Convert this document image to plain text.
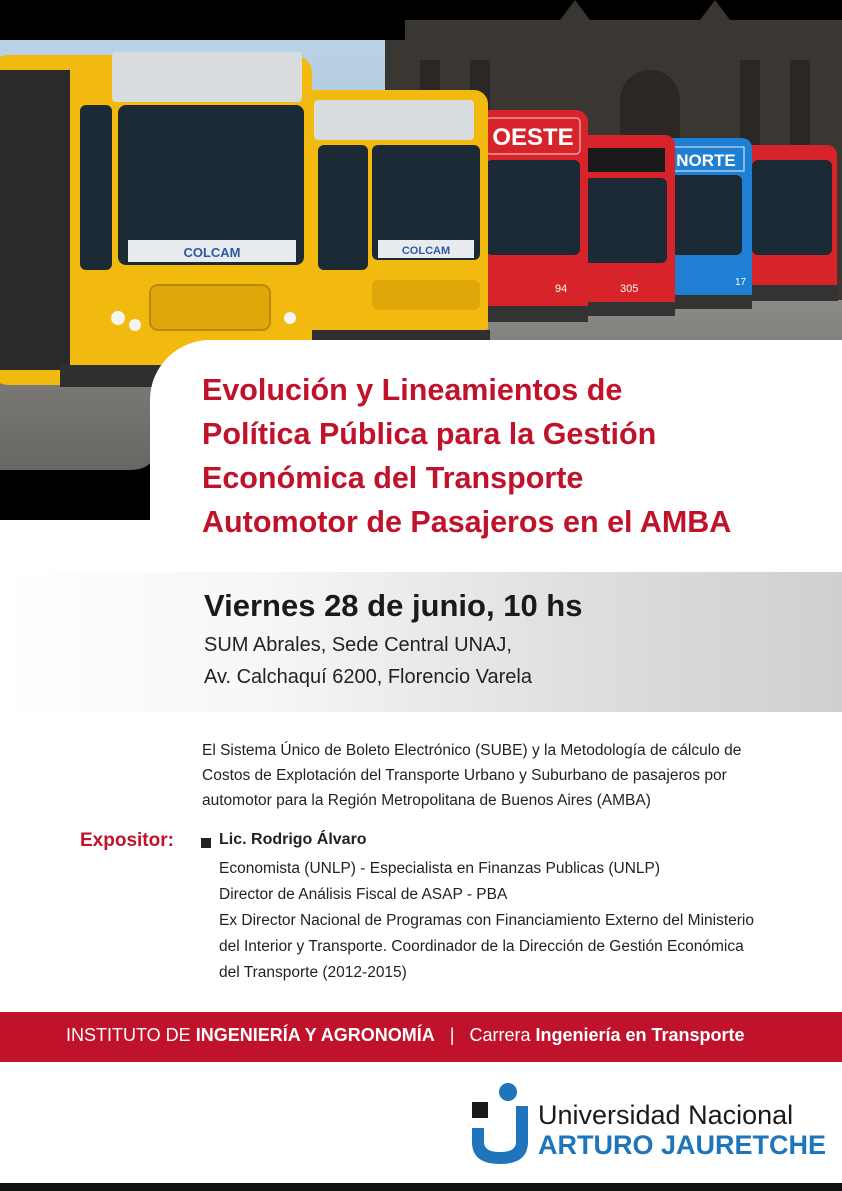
NORTE
17
305
OESTE
94
COLCAM
COLCAM
Evolución y Lineamientos de
Política Pública para la Gestión
Económica del Transporte
Automotor de Pasajeros en el AMBA
Viernes 28 de junio, 10 hs
SUM Abrales, Sede Central UNAJ,
Av. Calchaquí 6200, Florencio Varela
El Sistema Único de Boleto Electrónico (SUBE) y la Metodología de cálculo de
Costos de Explotación del Transporte Urbano y Suburbano de pasajeros por
automotor para la Región Metropolitana de Buenos Aires (AMBA)
Expositor:	Lic. Rodrigo Álvaro
Economista (UNLP) - Especialista en Finanzas Publicas (UNLP)
Director de Análisis Fiscal de ASAP - PBA
Ex Director Nacional de Programas con Financiamiento Externo del Ministerio
del Interior y Transporte. Coordinador de la Dirección de Gestión Económica
del Transporte (2012-2015)
INSTITUTO DE INGENIERÍA Y AGRONOMÍA | Carrera Ingeniería en Transporte
Universidad Nacional
ARTURO JAURETCHE
